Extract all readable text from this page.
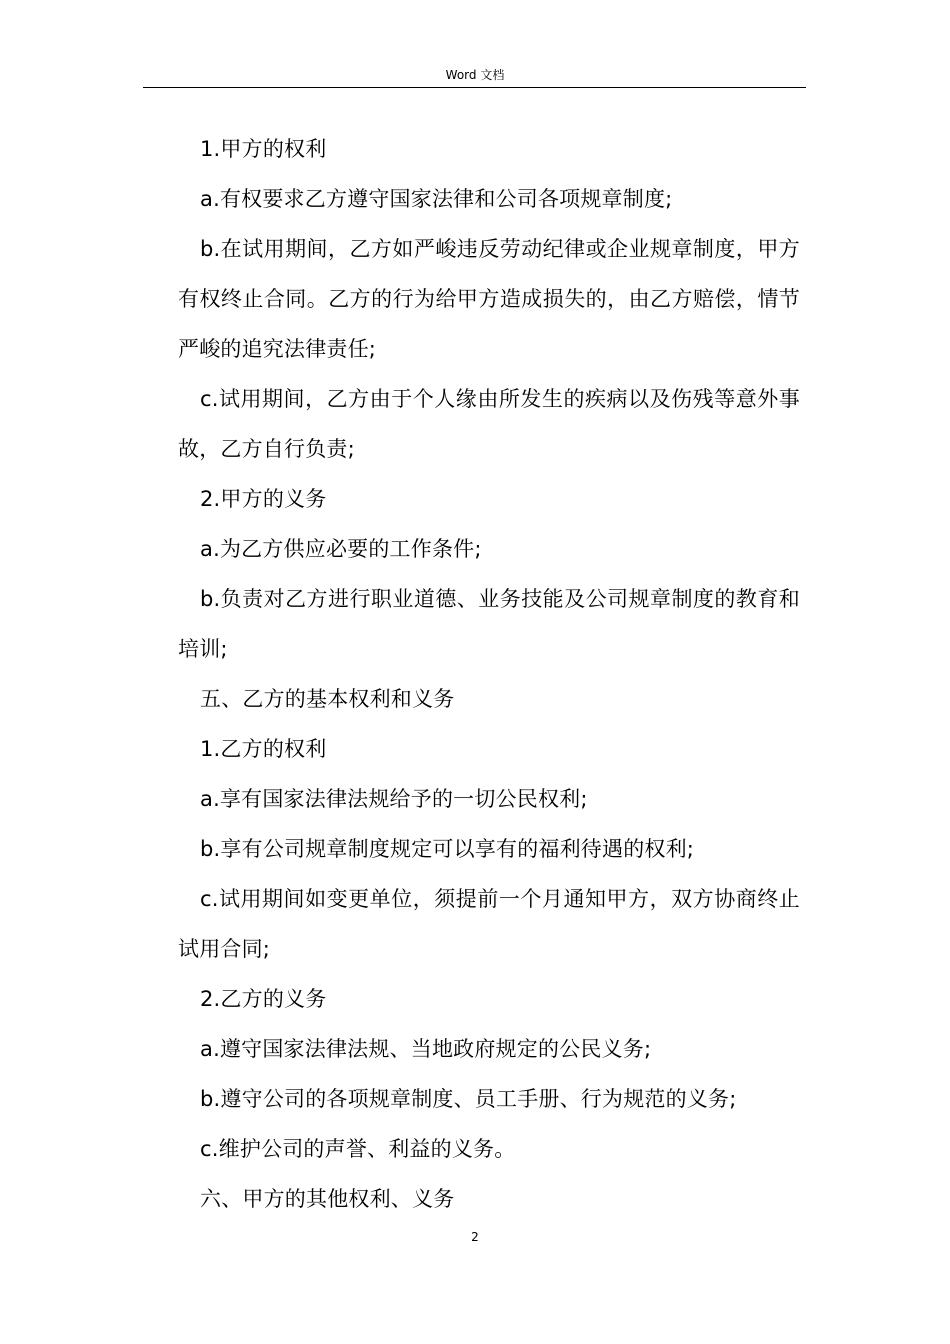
Word 文档

1.甲方的权利

a.有权要求乙方遵守国家法律和公司各项规章制度;

b.在试用期间，乙方如严峻违反劳动纪律或企业规章制度，甲方有权终止合同。乙方的行为给甲方造成损失的，由乙方赔偿，情节严峻的追究法律责任;

c.试用期间，乙方由于个人缘由所发生的疾病以及伤残等意外事故，乙方自行负责;

2.甲方的义务

a.为乙方供应必要的工作条件;

b.负责对乙方进行职业道德、业务技能及公司规章制度的教育和培训;

五、乙方的基本权利和义务

1.乙方的权利

a.享有国家法律法规给予的一切公民权利;

b.享有公司规章制度规定可以享有的福利待遇的权利;

c.试用期间如变更单位，须提前一个月通知甲方，双方协商终止试用合同;

2.乙方的义务

a.遵守国家法律法规、当地政府规定的公民义务;

b.遵守公司的各项规章制度、员工手册、行为规范的义务;

c.维护公司的声誉、利益的义务。

六、甲方的其他权利、义务

2
